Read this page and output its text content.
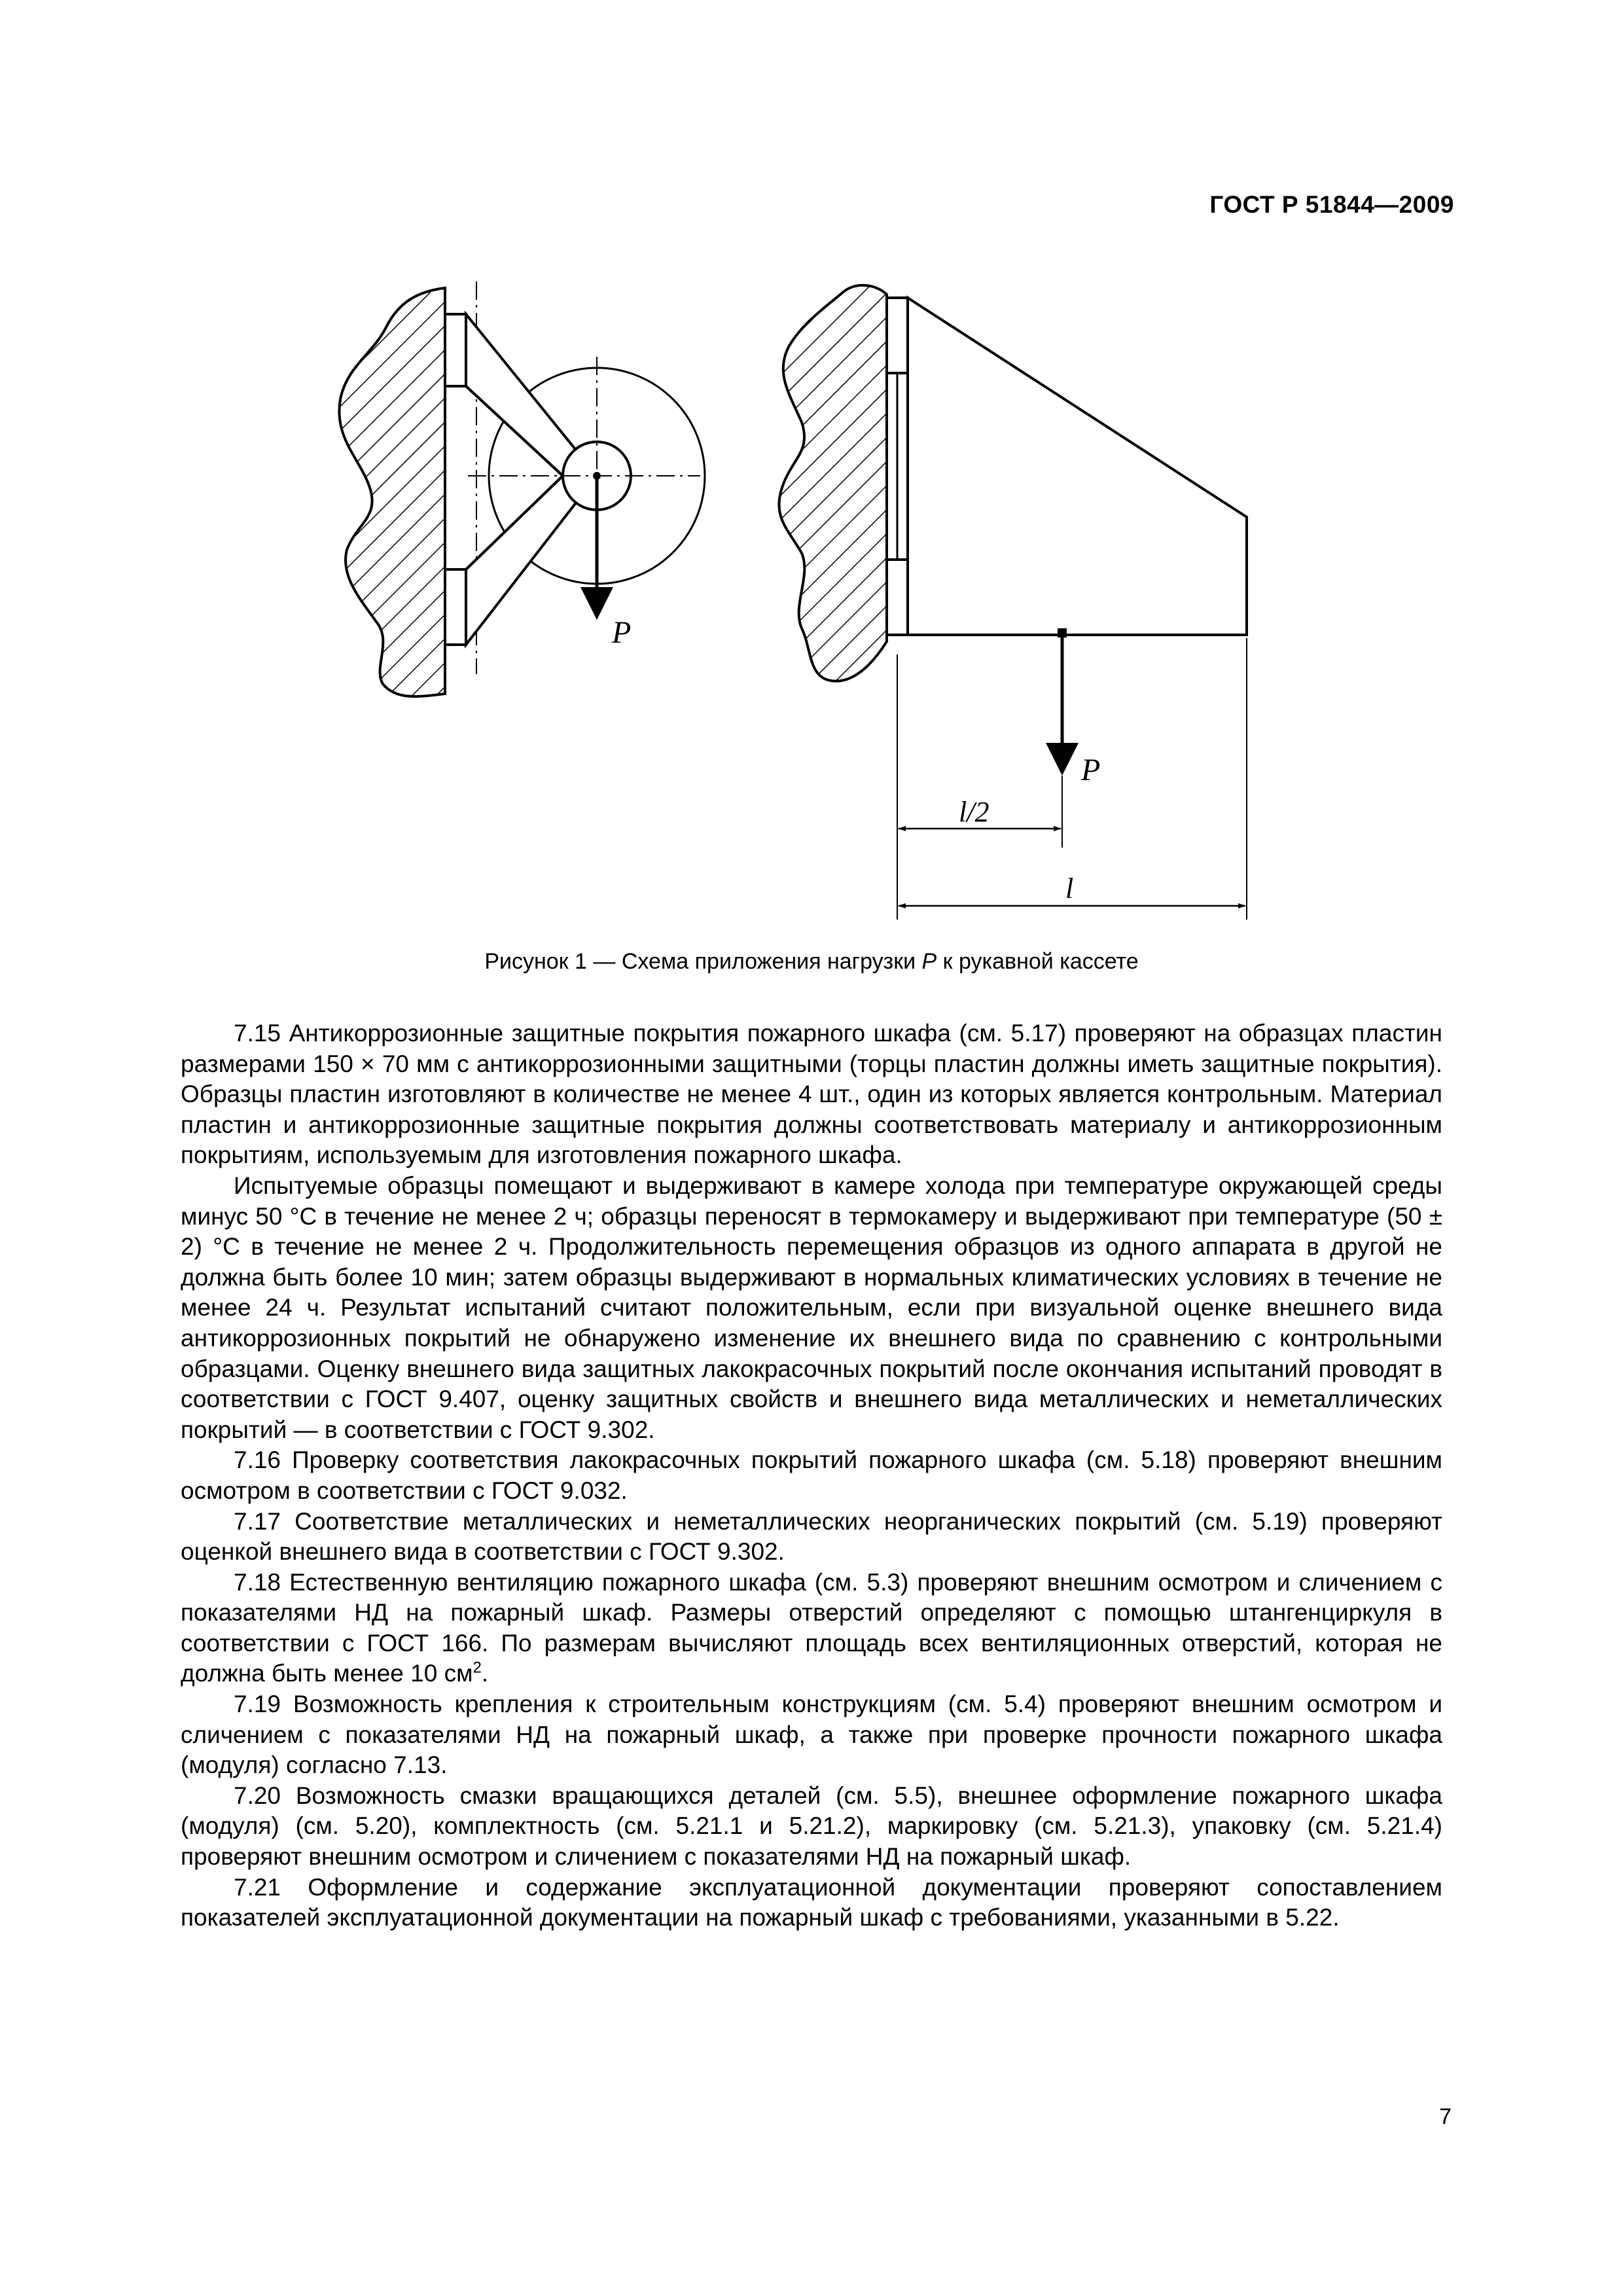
ГОСТ Р 51844—2009
P
P
l/2
l
Рисунок 1 — Схема приложения нагрузки P к рукавной кассете

7.15 Антикоррозионные защитные покрытия пожарного шкафа (см. 5.17) проверяют на образцах пластин размерами 150 × 70 мм с антикоррозионными защитными (торцы пластин должны иметь защитные покрытия). Образцы пластин изготовляют в количестве не менее 4 шт., один из которых является контрольным. Материал пластин и антикоррозионные защитные покрытия должны соответствовать материалу и антикоррозионным покрытиям, используемым для изготовления пожарного шкафа.

Испытуемые образцы помещают и выдерживают в камере холода при температуре окружающей среды минус 50 °С в течение не менее 2 ч; образцы переносят в термокамеру и выдерживают при температуре (50 ± 2) °С в течение не менее 2 ч. Продолжительность перемещения образцов из одного аппарата в другой не должна быть более 10 мин; затем образцы выдерживают в нормальных климатических условиях в течение не менее 24 ч. Результат испытаний считают положительным, если при визуальной оценке внешнего вида антикоррозионных покрытий не обнаружено изменение их внешнего вида по сравнению с контрольными образцами. Оценку внешнего вида защитных лакокрасочных покрытий после окончания испытаний проводят в соответствии с ГОСТ 9.407, оценку защитных свойств и внешнего вида металлических и неметаллических покрытий — в соответствии с ГОСТ 9.302.

7.16 Проверку соответствия лакокрасочных покрытий пожарного шкафа (см. 5.18) проверяют внешним осмотром в соответствии с ГОСТ 9.032.

7.17 Соответствие металлических и неметаллических неорганических покрытий (см. 5.19) проверяют оценкой внешнего вида в соответствии с ГОСТ 9.302.

7.18 Естественную вентиляцию пожарного шкафа (см. 5.3) проверяют внешним осмотром и сличением с показателями НД на пожарный шкаф. Размеры отверстий определяют с помощью штангенциркуля в соответствии с ГОСТ 166. По размерам вычисляют площадь всех вентиляционных отверстий, которая не должна быть менее 10 $см^2$.

7.19 Возможность крепления к строительным конструкциям (см. 5.4) проверяют внешним осмотром и сличением с показателями НД на пожарный шкаф, а также при проверке прочности пожарного шкафа (модуля) согласно 7.13.

7.20 Возможность смазки вращающихся деталей (см. 5.5), внешнее оформление пожарного шкафа (модуля) (см. 5.20), комплектность (см. 5.21.1 и 5.21.2), маркировку (см. 5.21.3), упаковку (см. 5.21.4) проверяют внешним осмотром и сличением с показателями НД на пожарный шкаф.

7.21 Оформление и содержание эксплуатационной документации проверяют сопоставлением показателей эксплуатационной документации на пожарный шкаф с требованиями, указанными в 5.22.

7
